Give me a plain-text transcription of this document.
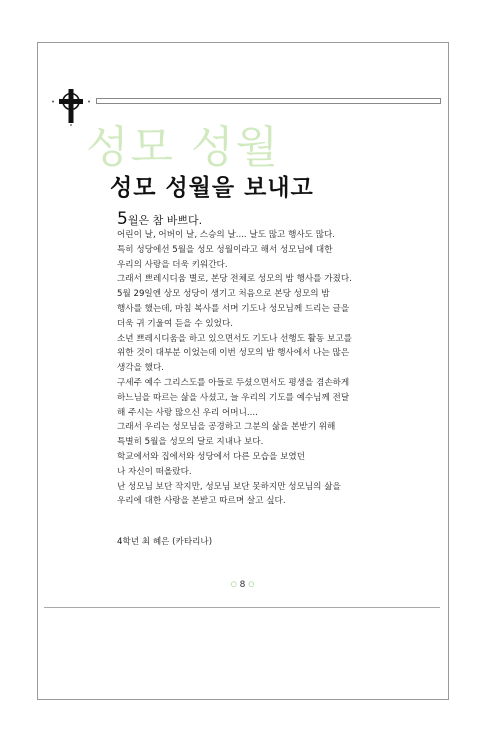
성모 성월
성모 성월을 보내고
5월은 참 바쁘다.
어린이 날, 어버이 날, 스승의 날.... 날도 많고 행사도 많다.
특히 성당에선 5월을 성모 성월이라고 해서 성모님에 대한
우리의 사랑을 더욱 키워간다.
그래서 쁘레시디움 별로, 본당 전체로 성모의 밤 행사를 가졌다.
5월 29일엔 상모 성당이 생기고 처음으로 본당 성모의 밤
행사를 했는데, 마침 복사를 서며 기도나 성모님께 드리는 글을
더욱 귀 기울여 듣을 수 있었다.
소년 쁘레시디움을 하고 있으면서도 기도나 선행도 활동 보고를
위한 것이 대부분 이었는데 이번 성모의 밤 행사에서 나는 많은
생각을 했다.
구세주 예수 그리스도를 아들로 두셨으면서도 평생을 겸손하게
하느님을 따르는 삶을 사셨고, 늘 우리의 기도를 예수님께 전달
해 주시는 사랑 많으신 우리 어머니....
그래서 우리는 성모님을 공경하고 그분의 삶을 본받기 위해
특별히 5월을 성모의 달로 지내나 보다.
학교에서와 집에서와 성당에서 다른 모습을 보였던
나 자신이 떠올랐다.
난 성모님 보단 작지만, 성모님 보단 못하지만 성모님의 삶을
우리에 대한 사랑을 본받고 따르며 살고 싶다.
4학년 최 혜은 (카타리나)
○ 8 ○
